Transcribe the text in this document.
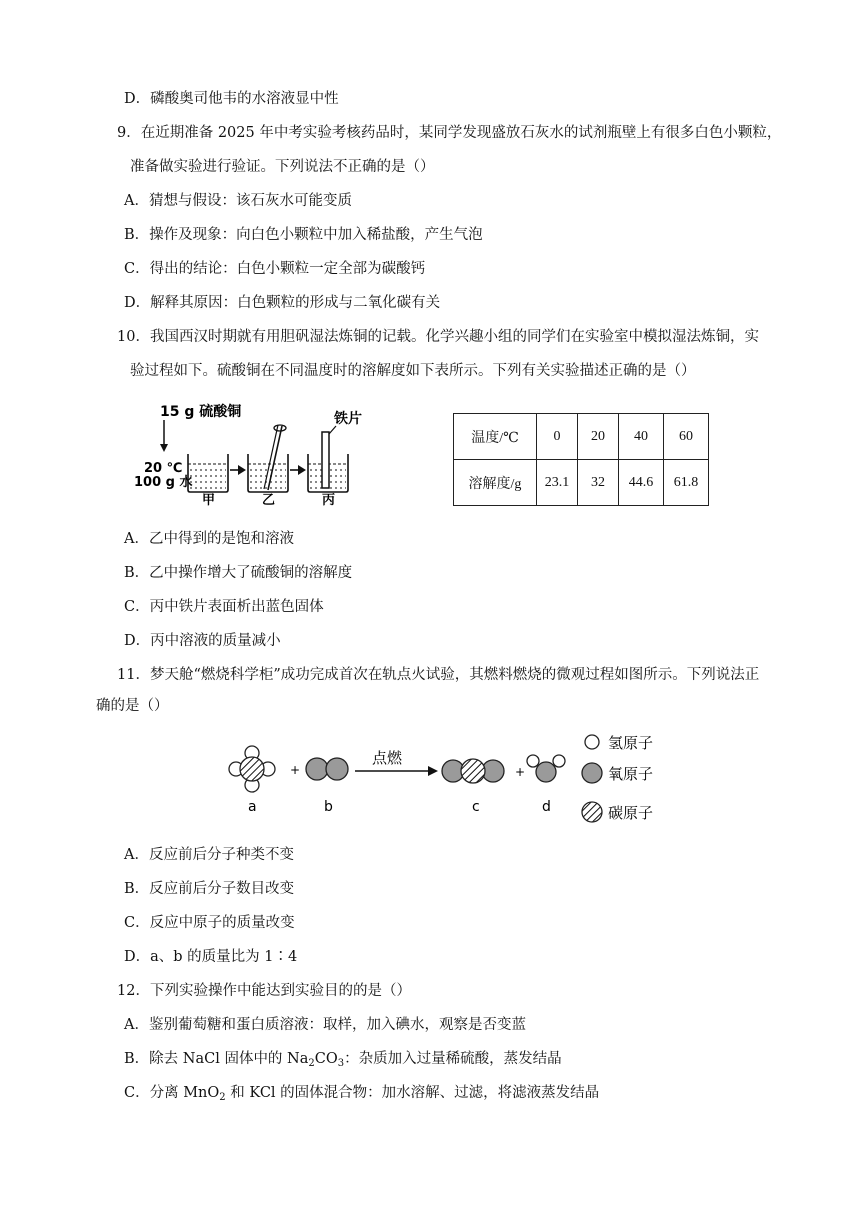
D．磷酸奥司他韦的水溶液显中性
9．在近期准备 2025 年中考实验考核药品时，某同学发现盛放石灰水的试剂瓶壁上有很多白色小颗粒，
准备做实验进行验证。下列说法不正确的是（）
A．猜想与假设：该石灰水可能变质
B．操作及现象：向白色小颗粒中加入稀盐酸，产生气泡
C．得出的结论：白色小颗粒一定全部为碳酸钙
D．解释其原因：白色颗粒的形成与二氧化碳有关
10．我国西汉时期就有用胆矾湿法炼铜的记载。化学兴趣小组的同学们在实验室中模拟湿法炼铜，实
验过程如下。硫酸铜在不同温度时的溶解度如下表所示。下列有关实验描述正确的是（）
15 g 硫酸铜
20 ℃
100 g 水
甲	乙
铁片
丙
温度/℃	0	20	40	60
溶解度/g	23.1	32	44.6	61.8
A．乙中得到的是饱和溶液
B．乙中操作增大了硫酸铜的溶解度
C．丙中铁片表面析出蓝色固体
D．丙中溶液的质量减小
11．梦天舱“燃烧科学柜”成功完成首次在轨点火试验，其燃料燃烧的微观过程如图所示。下列说法正
确的是（）
+
点燃
+
a	b	c	d
氢原子
氧原子
碳原子
A．反应前后分子种类不变
B．反应前后分子数目改变
C．反应中原子的质量改变
D．a、b 的质量比为 1∶4
12．下列实验操作中能达到实验目的的是（）
A．鉴别葡萄糖和蛋白质溶液：取样，加入碘水，观察是否变蓝
B．除去 NaCl 固体中的 $Na_2CO_3$：杂质加入过量稀硫酸，蒸发结晶
C．分离 MnO$_2$ 和 KCl 的固体混合物：加水溶解、过滤，将滤液蒸发结晶
